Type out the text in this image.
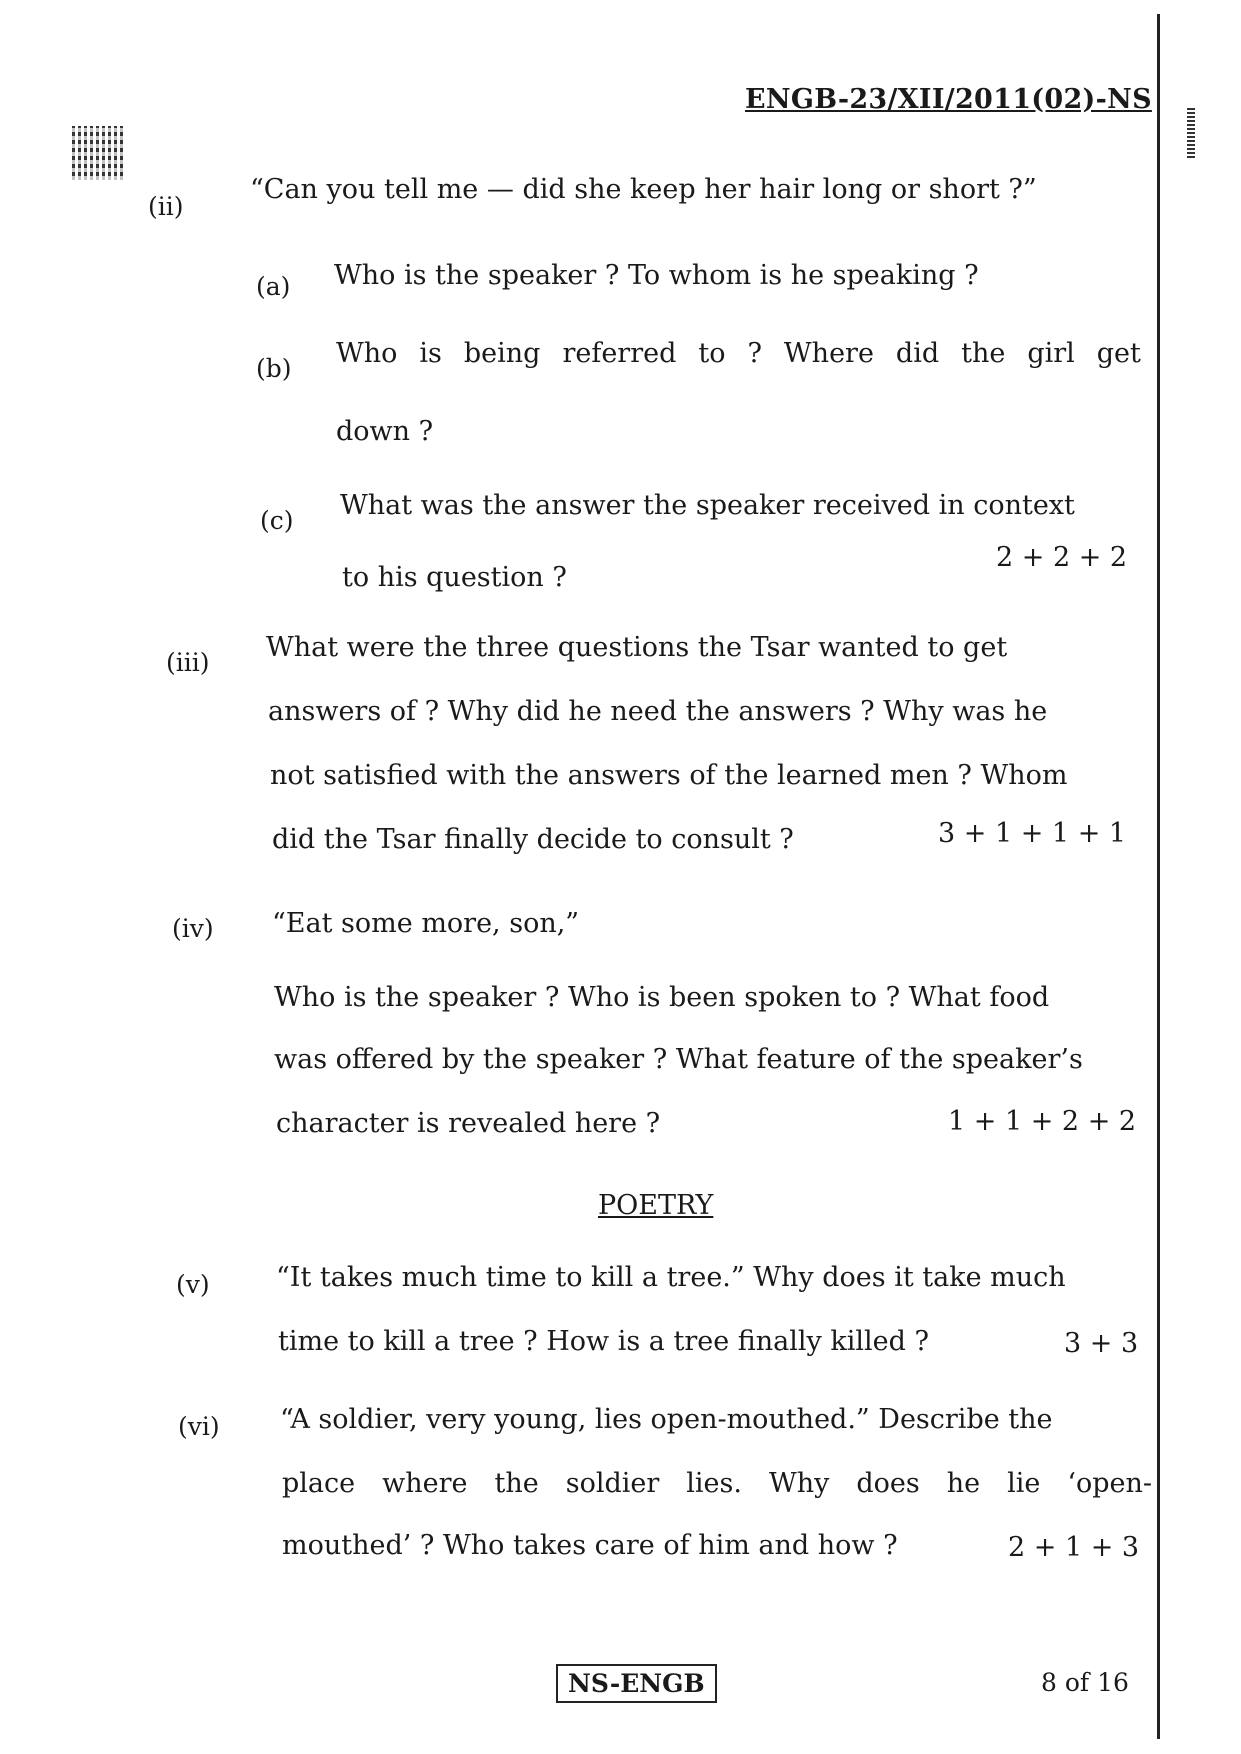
ENGB-23/XII/2011(02)-NS
(ii)
“Can you tell me — did she keep her hair long or short ?”
(a) Who is the speaker ? To whom is he speaking ?
(b) Who is being referred to ? Where did the girl get
down ?
(c) What was the answer the speaker received in context
to his question ?
2 + 2 + 2
(iii) What were the three questions the Tsar wanted to get
answers of ? Why did he need the answers ? Why was he
not satisfied with the answers of the learned men ? Whom
did the Tsar finally decide to consult ?	3 + 1 + 1 + 1
(iv) “Eat some more, son,”
Who is the speaker ? Who is been spoken to ? What food
was offered by the speaker ? What feature of the speaker’s
character is revealed here ?	1 + 1 + 2 + 2
POETRY
(v) “It takes much time to kill a tree.” Why does it take much
time to kill a tree ? How is a tree finally killed ?	3 + 3
(vi) “A soldier, very young, lies open-mouthed.” Describe the
place where the soldier lies. Why does he lie ‘open-
mouthed’ ? Who takes care of him and how ?	2 + 1 + 3
NS-ENGB	8 of 16
